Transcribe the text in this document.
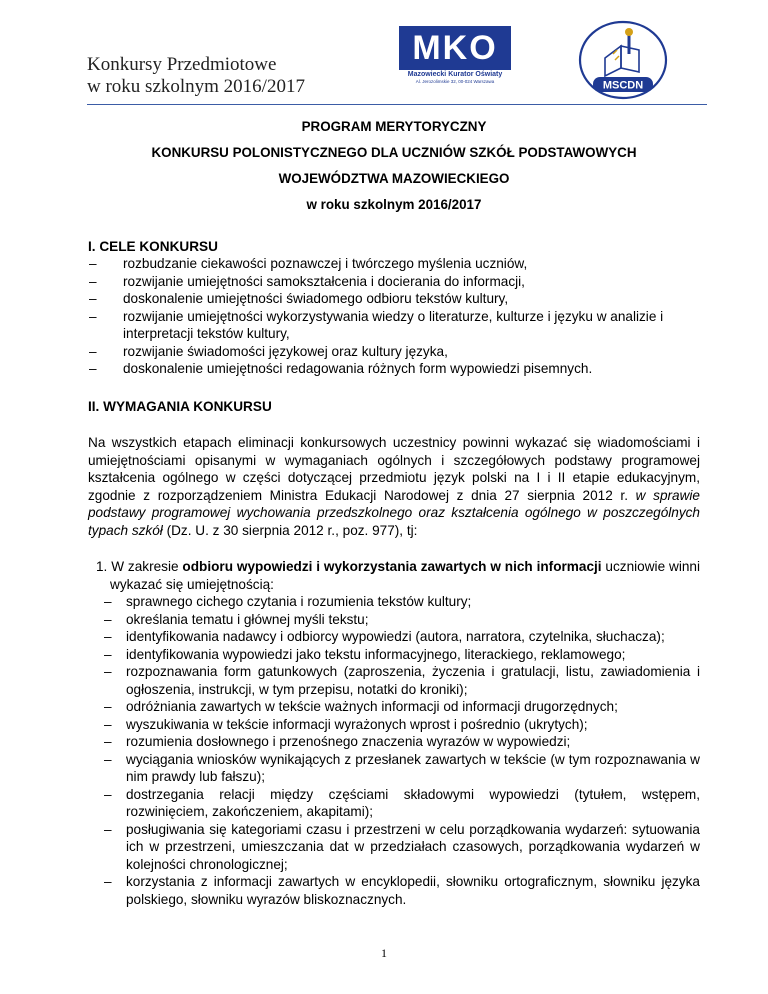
Konkursy Przedmiotowe
w roku szkolnym 2016/2017
MKO
Mazowiecki Kurator Oświaty
Al. Jerozolimskie 32, 00-024 Warszawa	MSCDN
PROGRAM MERYTORYCZNY
KONKURSU POLONISTYCZNEGO DLA UCZNIÓW SZKÓŁ PODSTAWOWYCH
WOJEWÓDZTWA MAZOWIECKIEGO
w roku szkolnym 2016/2017
I. CELE KONKURSU
– rozbudzanie ciekawości poznawczej i twórczego myślenia uczniów,
– rozwijanie umiejętności samokształcenia i docierania do informacji,
– doskonalenie umiejętności świadomego odbioru tekstów kultury,
– rozwijanie umiejętności wykorzystywania wiedzy o literaturze, kulturze i języku w analizie i interpretacji tekstów kultury,
– rozwijanie świadomości językowej oraz kultury języka,
– doskonalenie umiejętności redagowania różnych form wypowiedzi pisemnych.
II. WYMAGANIA KONKURSU
Na wszystkich etapach eliminacji konkursowych uczestnicy powinni wykazać się wiadomościami i umiejętnościami opisanymi w wymaganiach ogólnych i szczegółowych podstawy programowej kształcenia ogólnego w części dotyczącej przedmiotu język polski na I i II etapie edukacyjnym, zgodnie z rozporządzeniem Ministra Edukacji Narodowej z dnia 27 sierpnia 2012 r. w sprawie podstawy programowej wychowania przedszkolnego oraz kształcenia ogólnego w poszczególnych typach szkół (Dz. U. z 30 sierpnia 2012 r., poz. 977), tj:
1. W zakresie odbioru wypowiedzi i wykorzystania zawartych w nich informacji uczniowie winni wykazać się umiejętnością:
– sprawnego cichego czytania i rozumienia tekstów kultury;
– określania tematu i głównej myśli tekstu;
– identyfikowania nadawcy i odbiorcy wypowiedzi (autora, narratora, czytelnika, słuchacza);
– identyfikowania wypowiedzi jako tekstu informacyjnego, literackiego, reklamowego;
– rozpoznawania form gatunkowych (zaproszenia, życzenia i gratulacji, listu, zawiadomienia i ogłoszenia, instrukcji, w tym przepisu, notatki do kroniki);
– odróżniania zawartych w tekście ważnych informacji od informacji drugorzędnych;
– wyszukiwania w tekście informacji wyrażonych wprost i pośrednio (ukrytych);
– rozumienia dosłownego i przenośnego znaczenia wyrazów w wypowiedzi;
– wyciągania wniosków wynikających z przesłanek zawartych w tekście (w tym rozpoznawania w nim prawdy lub fałszu);
– dostrzegania relacji między częściami składowymi wypowiedzi (tytułem, wstępem, rozwinięciem, zakończeniem, akapitami);
– posługiwania się kategoriami czasu i przestrzeni w celu porządkowania wydarzeń: sytuowania ich w przestrzeni, umieszczania dat w przedziałach czasowych, porządkowania wydarzeń w kolejności chronologicznej;
– korzystania z informacji zawartych w encyklopedii, słowniku ortograficznym, słowniku języka polskiego, słowniku wyrazów bliskoznacznych.
1
